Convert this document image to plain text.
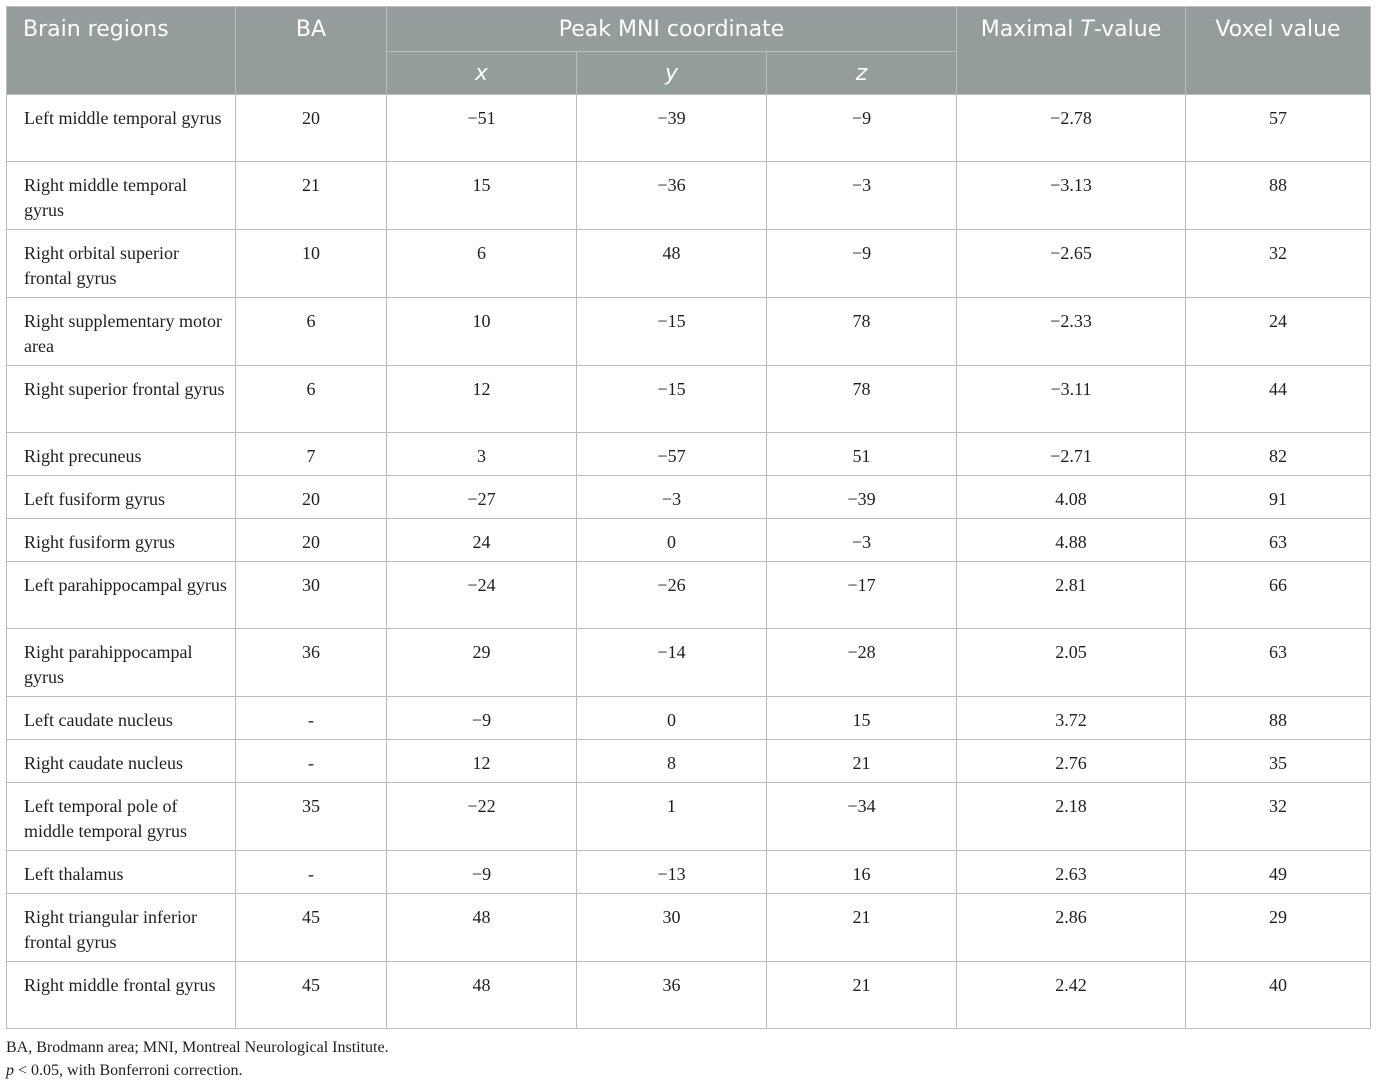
Brain regions	BA	Peak MNI coordinate			Maximal T-value	Voxel value
		x	y	z		
Left middle temporal gyrus	20	−51	−39	−9	−2.78	57
Right middle temporal gyrus	21	15	−36	−3	−3.13	88
Right orbital superior frontal gyrus	10	6	48	−9	−2.65	32
Right supplementary motor area	6	10	−15	78	−2.33	24
Right superior frontal gyrus	6	12	−15	78	−3.11	44
Right precuneus	7	3	−57	51	−2.71	82
Left fusiform gyrus	20	−27	−3	−39	4.08	91
Right fusiform gyrus	20	24	0	−3	4.88	63
Left parahippocampal gyrus	30	−24	−26	−17	2.81	66
Right parahippocampal gyrus	36	29	−14	−28	2.05	63
Left caudate nucleus	-	−9	0	15	3.72	88
Right caudate nucleus	-	12	8	21	2.76	35
Left temporal pole of middle temporal gyrus	35	−22	1	−34	2.18	32
Left thalamus	-	−9	−13	16	2.63	49
Right triangular inferior frontal gyrus	45	48	30	21	2.86	29
Right middle frontal gyrus	45	48	36	21	2.42	40
BA, Brodmann area; MNI, Montreal Neurological Institute.
p < 0.05, with Bonferroni correction.
